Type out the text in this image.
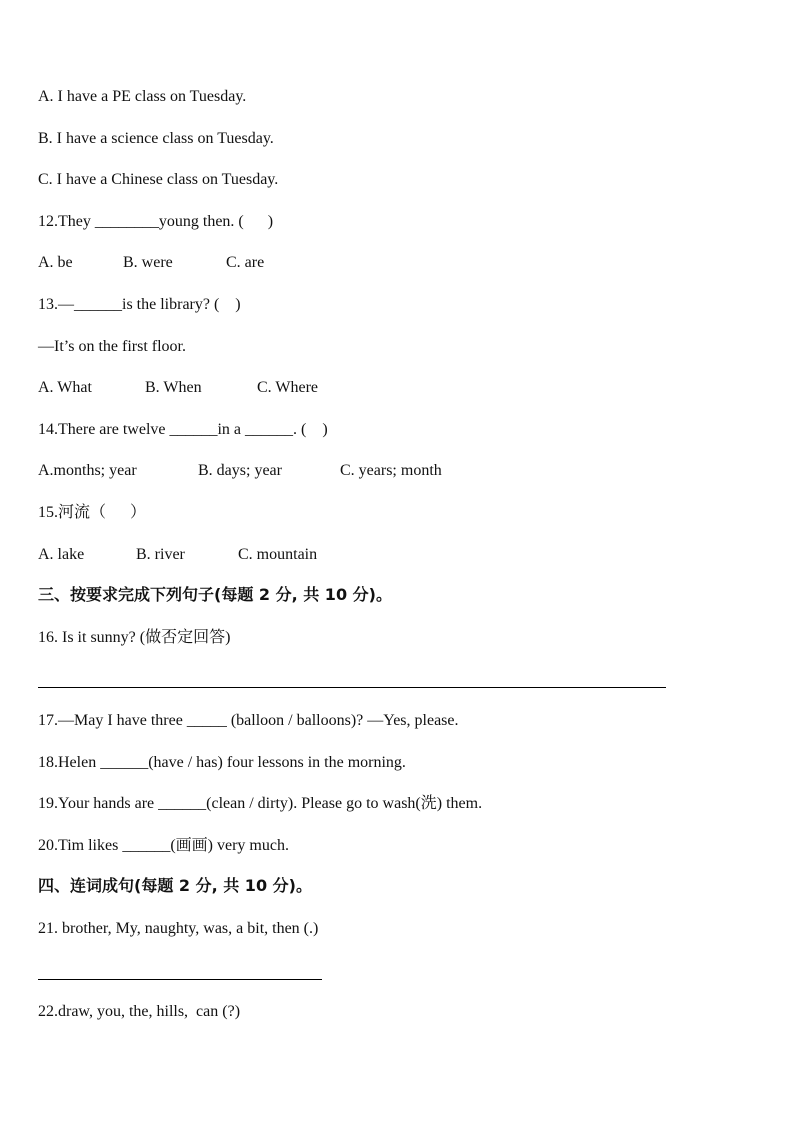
A. I have a PE class on Tuesday.
B. I have a science class on Tuesday.
C. I have a Chinese class on Tuesday.
12.They ________young then. (      )

A. be

	B. were

	C. are

13.—______is the library? (    )
—It’s on the first floor.

A. What

	B. When

	C. Where

14.There are twelve ______in a ______. (    )

A.months; year

	B. days; year

	C. years; month

15.河流（      ）

A. lake

	B. river

	C. mountain

三、按要求完成下列句子(每题 2 分, 共 10 分)。
16. Is it sunny? (做否定回答)
17.—May I have three _____ (balloon / balloons)? —Yes, please.
18.Helen ______(have / has) four lessons in the morning.
19.Your hands are ______(clean / dirty). Please go to wash(洗) them.
20.Tim likes ______(画画) very much.
四、连词成句(每题 2 分, 共 10 分)。
21. brother, My, naughty, was, a bit, then (.)
22.draw, you, the, hills,  can (?)
